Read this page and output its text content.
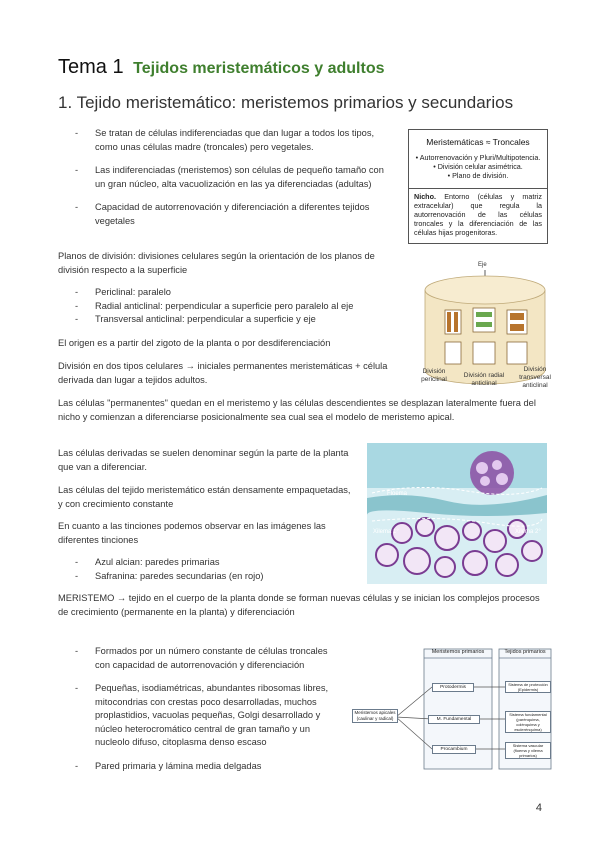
Tema 1 Tejidos meristemáticos y adultos
1. Tejido meristemático: meristemos primarios y secundarios
- Se tratan de células indiferenciadas que dan lugar a todos los tipos, como unas células madre (troncales) pero vegetales.
- Las indiferenciadas (meristemos) son células de pequeño tamaño con un gran núcleo, alta vacuolización en las ya diferenciadas (adultas)
- Capacidad de autorrenovación y diferenciación a diferentes tejidos vegetales
Meristemáticas ≈ Troncales
• Autorrenovación y Pluri/Multipotencia.
• División celular asimétrica.
• Plano de división.
Nicho. Entorno (células y matriz extracelular) que regula la autorrenovación de las células troncales y la diferenciación de las células hijas progenitoras.
Planos de división: divisiones celulares según la orientación de los planos de división respecto a la superficie
- Periclinal: paralelo
- Radial anticlinal: perpendicular a superficie pero paralelo al eje
- Transversal anticlinal: perpendicular a superficie y eje
Eje
División periclinal
División radial anticlinal
División transversal anticlinal
El origen es a partir del zigoto de la planta o por desdiferenciación
División en dos tipos celulares → iniciales permanentes meristemáticas + célula derivada dan lugar a tejidos adultos.
Las células "permanentes" quedan en el meristemo y las células descendientes se desplazan lateralmente fuera del nicho y comienzan a diferenciarse posicionalmente sea cual sea el modelo de meristemo apical.
Las células derivadas se suelen denominar según la parte de la planta que van a diferenciar.
Las células del tejido meristemático están densamente empaquetadas, y con crecimiento constante
En cuanto a las tinciones podemos observar en las imágenes las diferentes tinciones
- Azul alcian: paredes primarias
- Safranina: paredes secundarias (en rojo)
Floema
Xilema 1°	Xilema 2°
MERISTEMO → tejido en el cuerpo de la planta donde se forman nuevas células y se inician los complejos procesos de crecimiento (permanente en la planta) y diferenciación
- Formados por un número constante de células troncales con capacidad de autorrenovación y diferenciación
- Pequeñas, isodiamétricas, abundantes ribosomas libres, mitocondrias con crestas poco desarrolladas, muchos proplastidios, vacuolas pequeñas, Golgi desarrollado y núcleo heterocromático central de gran tamaño y un nucleolo difuso, citoplasma denso escaso
- Pared primaria y lámina media delgadas
Meristemos primarios	Tejidos primarios
Meristemos apicales (caulinar y radical)
Protodermis
M. Fundamental
Procambium
Sistema de protección (Epidermis)
Sistema fundamental (parénquima, colénquima y esclerénquima)
Sistema vascular (floema y xilema primarios)
4
